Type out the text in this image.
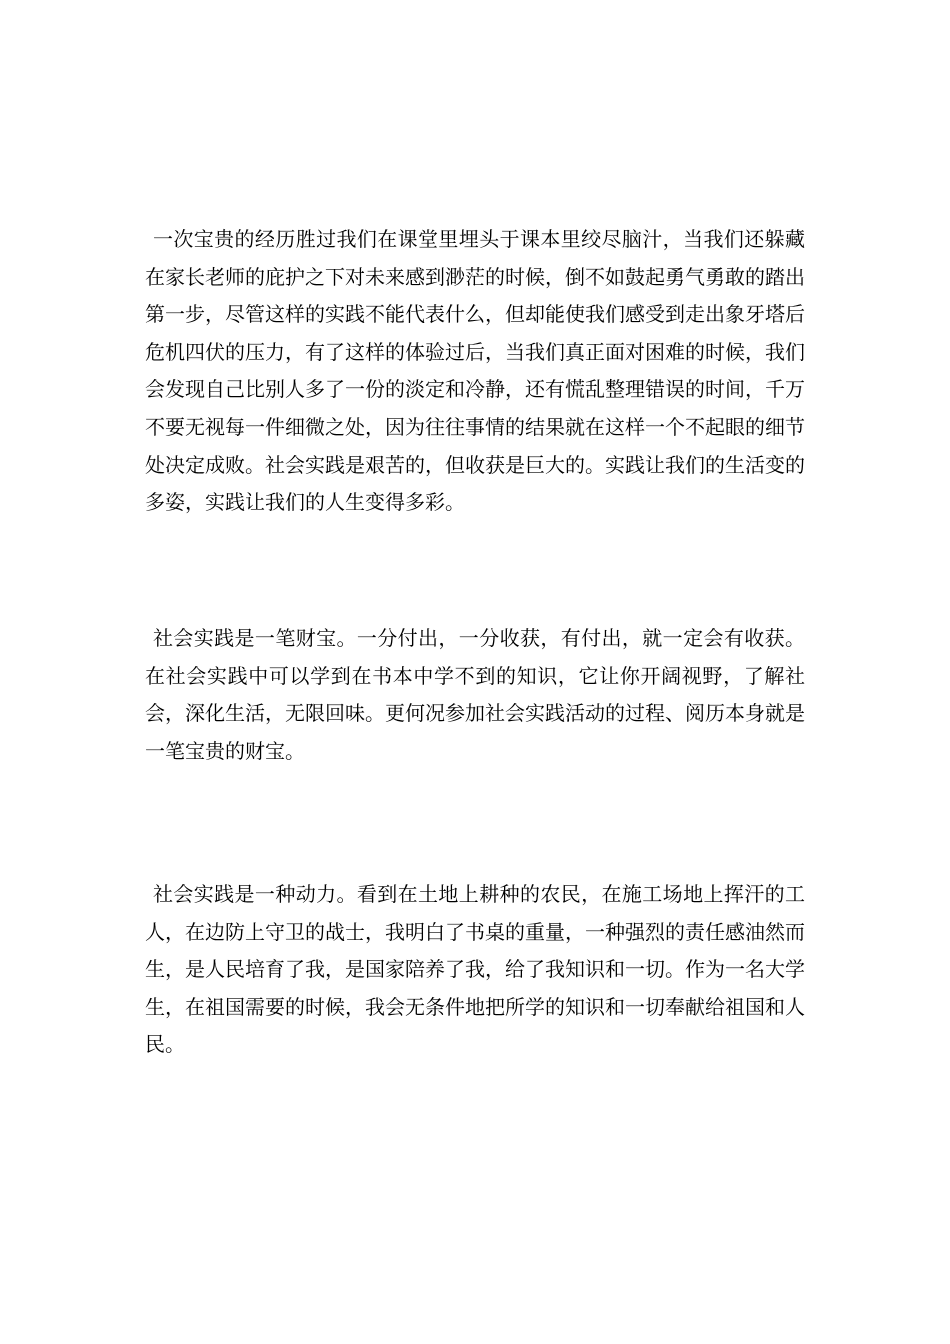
一次宝贵的经历胜过我们在课堂里埋头于课本里绞尽脑汁，当我们还躲藏在家长老师的庇护之下对未来感到渺茫的时候，倒不如鼓起勇气勇敢的踏出第一步，尽管这样的实践不能代表什么，但却能使我们感受到走出象牙塔后危机四伏的压力，有了这样的体验过后，当我们真正面对困难的时候，我们会发现自己比别人多了一份的淡定和冷静，还有慌乱整理错误的时间，千万不要无视每一件细微之处，因为往往事情的结果就在这样一个不起眼的细节处决定成败。社会实践是艰苦的，但收获是巨大的。实践让我们的生活变的多姿，实践让我们的人生变得多彩。

社会实践是一笔财宝。一分付出，一分收获，有付出，就一定会有收获。在社会实践中可以学到在书本中学不到的知识，它让你开阔视野，了解社会，深化生活，无限回味。更何况参加社会实践活动的过程、阅历本身就是一笔宝贵的财宝。

社会实践是一种动力。看到在土地上耕种的农民，在施工场地上挥汗的工人，在边防上守卫的战士，我明白了书桌的重量，一种强烈的责任感油然而生，是人民培育了我，是国家陪养了我，给了我知识和一切。作为一名大学生，在祖国需要的时候，我会无条件地把所学的知识和一切奉献给祖国和人民。
